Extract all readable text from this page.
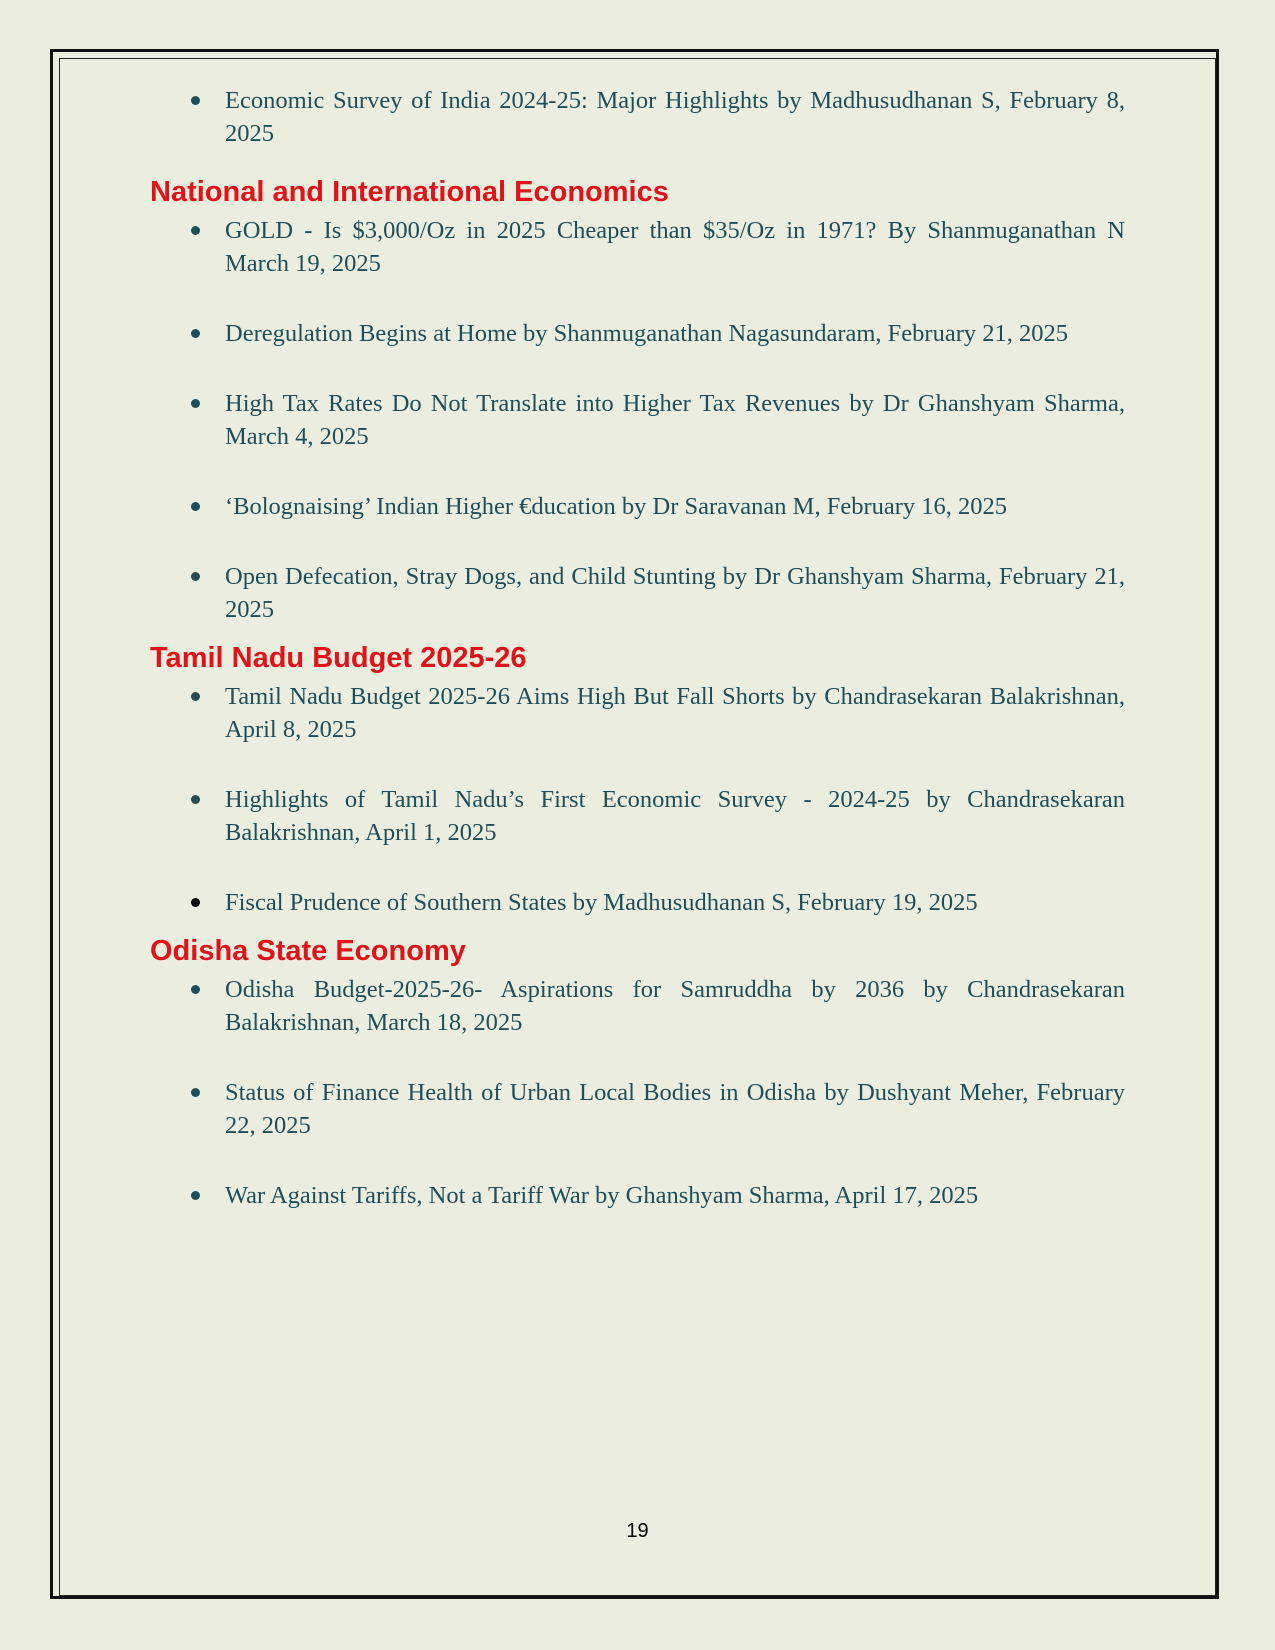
Economic Survey of India 2024-25: Major Highlights by Madhusudhanan S, February 8, 2025
National and International Economics
GOLD - Is $3,000/Oz in 2025 Cheaper than $35/Oz in 1971? By Shanmuganathan N March 19, 2025
Deregulation Begins at Home by Shanmuganathan Nagasundaram, February 21, 2025
High Tax Rates Do Not Translate into Higher Tax Revenues by Dr Ghanshyam Sharma, March 4, 2025
‘Bolognaising’ Indian Higher €ducation by Dr Saravanan M, February 16, 2025
Open Defecation, Stray Dogs, and Child Stunting by Dr Ghanshyam Sharma, February 21, 2025
Tamil Nadu Budget 2025-26
Tamil Nadu Budget 2025-26 Aims High But Fall Shorts by Chandrasekaran Balakrishnan, April 8, 2025
Highlights of Tamil Nadu’s First Economic Survey - 2024-25 by Chandrasekaran Balakrishnan, April 1, 2025
Fiscal Prudence of Southern States by Madhusudhanan S, February 19, 2025
Odisha State Economy
Odisha Budget-2025-26- Aspirations for Samruddha by 2036 by Chandrasekaran Balakrishnan, March 18, 2025
Status of Finance Health of Urban Local Bodies in Odisha by Dushyant Meher, February 22, 2025
War Against Tariffs, Not a Tariff War by Ghanshyam Sharma, April 17, 2025
19
